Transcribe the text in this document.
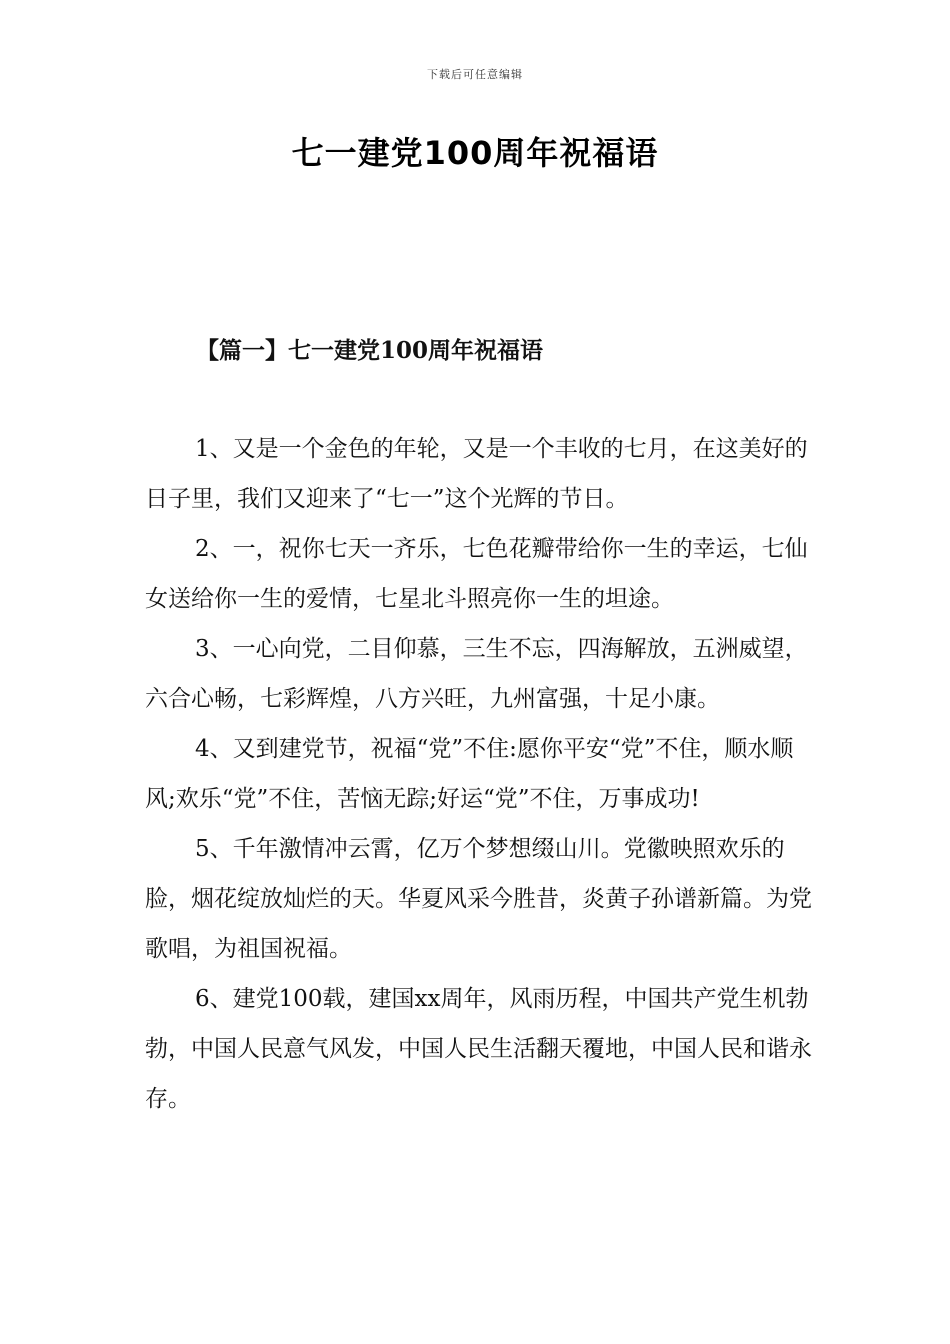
下载后可任意编辑
七一建党100周年祝福语
【篇一】七一建党100周年祝福语

1、又是一个金色的年轮，又是一个丰收的七月，在这美好的日子里，我们又迎来了“七一”这个光辉的节日。

2、一，祝你七天一齐乐，七色花瓣带给你一生的幸运，七仙女送给你一生的爱情，七星北斗照亮你一生的坦途。

3、一心向党，二目仰慕，三生不忘，四海解放，五洲威望，六合心畅，七彩辉煌，八方兴旺，九州富强，十足小康。

4、又到建党节，祝福“党”不住:愿你平安“党”不住，顺水顺风;欢乐“党”不住，苦恼无踪;好运“党”不住，万事成功!

5、千年激情冲云霄，亿万个梦想缀山川。党徽映照欢乐的脸，烟花绽放灿烂的天。华夏风采今胜昔，炎黄子孙谱新篇。为党歌唱，为祖国祝福。

6、建党100载，建国xx周年，风雨历程，中国共产党生机勃勃，中国人民意气风发，中国人民生活翻天覆地，中国人民和谐永存。
